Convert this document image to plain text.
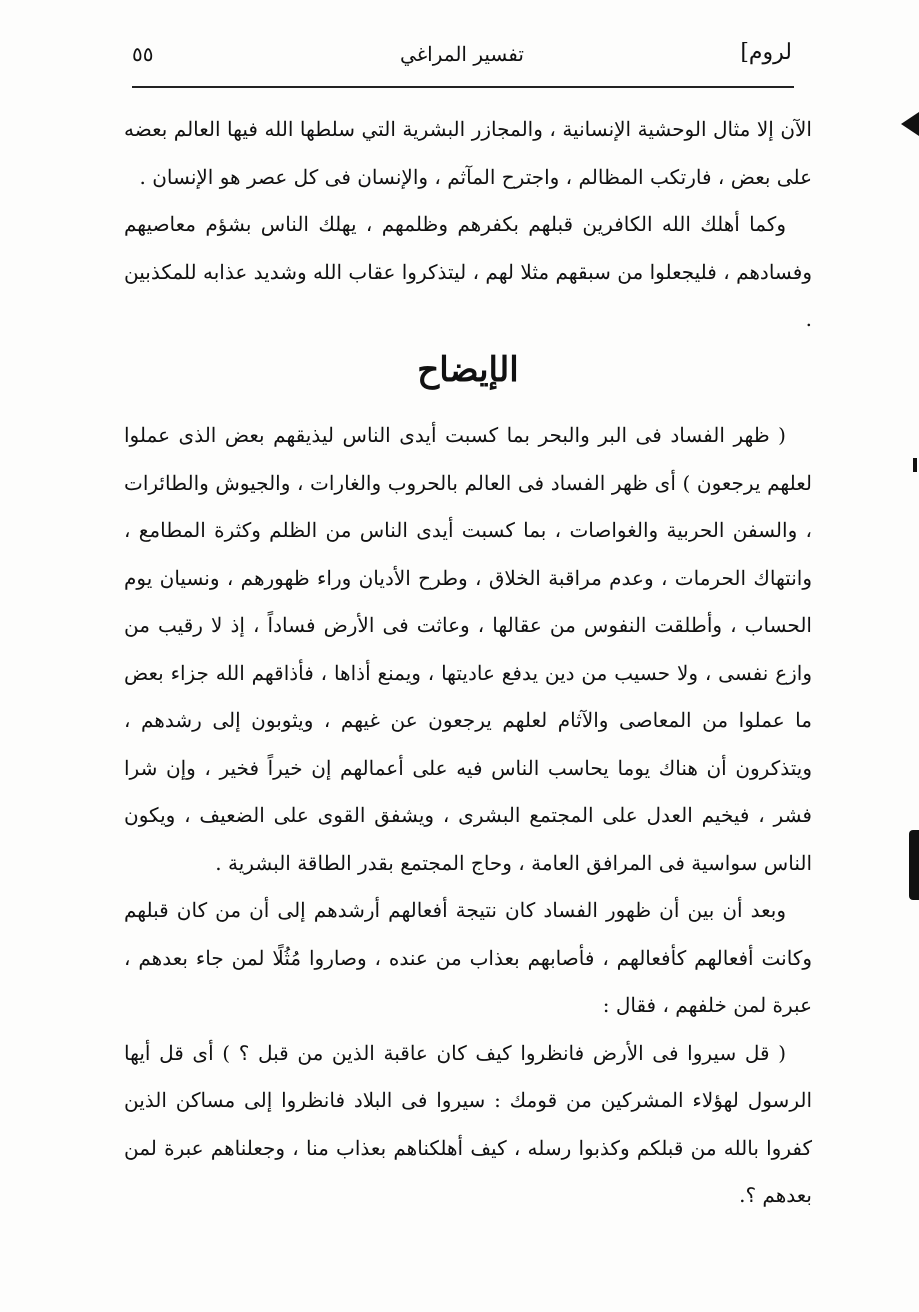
لروم]
تفسير المراغي
٥٥

الآن إلا مثال الوحشية الإنسانية ، والمجازر البشرية التي سلطها الله فيها العالم بعضه على بعض ، فارتكب المظالم ، واجترح المآثم ، والإنسان فى كل عصر هو الإنسان .

وكما أهلك الله الكافرين قبلهم بكفرهم وظلمهم ، يهلك الناس بشؤم معاصيهم وفسادهم ، فليجعلوا من سبقهم مثلا لهم ، ليتذكروا عقاب الله وشديد عذابه للمكذبين .

الإيضاح

( ظهر الفساد فى البر والبحر بما كسبت أيدى الناس ليذيقهم بعض الذى عملوا لعلهم يرجعون ) أى ظهر الفساد فى العالم بالحروب والغارات ، والجيوش والطائرات ، والسفن الحربية والغواصات ، بما كسبت أيدى الناس من الظلم وكثرة المطامع ، وانتهاك الحرمات ، وعدم مراقبة الخلاق ، وطرح الأديان وراء ظهورهم ، ونسيان يوم الحساب ، وأطلقت النفوس من عقالها ، وعاثت فى الأرض فساداً ، إذ لا رقيب من وازع نفسى ، ولا حسيب من دين يدفع عاديتها ، ويمنع أذاها ، فأذاقهم الله جزاء بعض ما عملوا من المعاصى والآثام لعلهم يرجعون عن غيهم ، ويثوبون إلى رشدهم ، ويتذكرون أن هناك يوما يحاسب الناس فيه على أعمالهم إن خيراً فخير ، وإن شرا فشر ، فيخيم العدل على المجتمع البشرى ، ويشفق القوى على الضعيف ، ويكون الناس سواسية فى المرافق العامة ، وحاج المجتمع بقدر الطاقة البشرية .

وبعد أن بين أن ظهور الفساد كان نتيجة أفعالهم أرشدهم إلى أن من كان قبلهم وكانت أفعالهم كأفعالهم ، فأصابهم بعذاب من عنده ، وصاروا مُثُلًا لمن جاء بعدهم ، عبرة لمن خلفهم ، فقال :

( قل سيروا فى الأرض فانظروا كيف كان عاقبة الذين من قبل ؟ ) أى قل أيها الرسول لهؤلاء المشركين من قومك : سيروا فى البلاد فانظروا إلى مساكن الذين كفروا بالله من قبلكم وكذبوا رسله ، كيف أهلكناهم بعذاب منا ، وجعلناهم عبرة لمن بعدهم ؟.
